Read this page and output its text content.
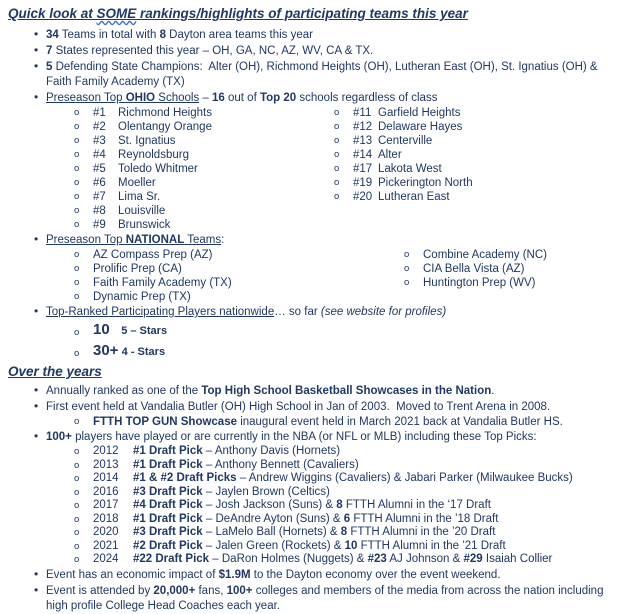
Quick look at SOME rankings/highlights of participating teams this year
• 34 Teams in total with 8 Dayton area teams this year
• 7 States represented this year – OH, GA, NC, AZ, WV, CA & TX.
• 5 Defending State Champions:  Alter (OH), Richmond Heights (OH), Lutheran East (OH), St. Ignatius (OH) & Faith Family Academy (TX)
• Preseason Top OHIO Schools – 16 out of Top 20 schools regardless of class
o #1 Richmond Heights
o #2 Olentangy Orange
o #3 St. Ignatius
o #4 Reynoldsburg
o #5 Toledo Whitmer
o #6 Moeller
o #7 Lima Sr.
o #8 Louisville
o #9 Brunswick
o #11 Garfield Heights
o #12 Delaware Hayes
o #13 Centerville
o #14 Alter
o #17 Lakota West
o #19 Pickerington North
o #20 Lutheran East
• Preseason Top NATIONAL Teams:
o AZ Compass Prep (AZ)
o Prolific Prep (CA)
o Faith Family Academy (TX)
o Dynamic Prep (TX)
o Combine Academy (NC)
o CIA Bella Vista (AZ)
o Huntington Prep (WV)
• Top-Ranked Participating Players nationwide… so far (see website for profiles)
o 10 5 – Stars
o 30+ 4 - Stars
Over the years
• Annually ranked as one of the Top High School Basketball Showcases in the Nation.
• First event held at Vandalia Butler (OH) High School in Jan of 2003.  Moved to Trent Arena in 2008.
o FTTH TOP GUN Showcase inaugural event held in March 2021 back at Vandalia Butler HS.
• 100+ players have played or are currently in the NBA (or NFL or MLB) including these Top Picks:
o 2012 #1 Draft Pick – Anthony Davis (Hornets)
o 2013 #1 Draft Pick – Anthony Bennett (Cavaliers)
o 2014 #1 & #2 Draft Picks – Andrew Wiggins (Cavaliers) & Jabari Parker (Milwaukee Bucks)
o 2016 #3 Draft Pick – Jaylen Brown (Celtics)
o 2017 #4 Draft Pick – Josh Jackson (Suns) & 8 FTTH Alumni in the ‘17 Draft
o 2018 #1 Draft Pick – DeAndre Ayton (Suns) & 6 FTTH Alumni in the ’18 Draft
o 2020 #3 Draft Pick – LaMelo Ball (Hornets) & 8 FTTH Alumni in the ’20 Draft
o 2021 #2 Draft Pick – Jalen Green (Rockets) & 10 FTTH Alumni in the ’21 Draft
o 2024 #22 Draft Pick – DaRon Holmes (Nuggets) & #23 AJ Johnson & #29 Isaiah Collier
• Event has an economic impact of $1.9M to the Dayton economy over the event weekend.
• Event is attended by 20,000+ fans, 100+ colleges and members of the media from across the nation including high profile College Head Coaches each year.
